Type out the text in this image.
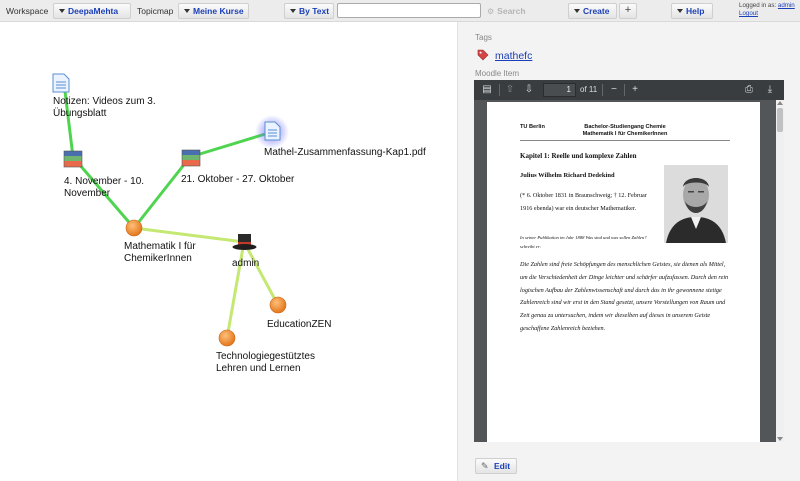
Workspace	DeepaMehta	Topicmap	Meine Kurse	By Text	⚙ Search	Create	+	Help
Logged in as: admin
Logout
Notizen: Videos zum 3. Übungsblatt
4. November - 10. November
21. Oktober - 27. Oktober
Mathel-Zusammenfassung-Kap1.pdf
Mathematik I für ChemikerInnen	admin
EducationZEN
Technologiegestütztes Lehren und Lernen
Tags
mathefc
Moodle Item
▤ ⇧ ⇩	1	of 11	−	+	⎙	⤓
TU Berlin	Bachelor-Studiengang Chemie Mathematik I für ChemikerInnen
Kapitel 1: Reelle und komplexe Zahlen
Julius Wilhelm Richard Dedekind
(* 6. Oktober 1831 in Braunschweig; † 12. Februar 1916 ebenda) war ein deutscher Mathematiker.
In seiner Publikation im Jahr 1888 Was sind und was sollen Zahlen? schreibt er:
Die Zahlen sind freie Schöpfungen des menschlichen Geistes, sie dienen als Mittel, um die Verschiedenheit der Dinge leichter und schärfer aufzufassen. Durch den rein logischen Aufbau der Zahlenwissenschaft und durch das in ihr gewonnene stetige Zahlenreich sind wir erst in den Stand gesetzt, unsere Vorstellungen von Raum und Zeit genau zu untersuchen, indem wir dieselben auf dieses in unserem Geiste geschaffene Zahlenreich beziehen.
✎ Edit
